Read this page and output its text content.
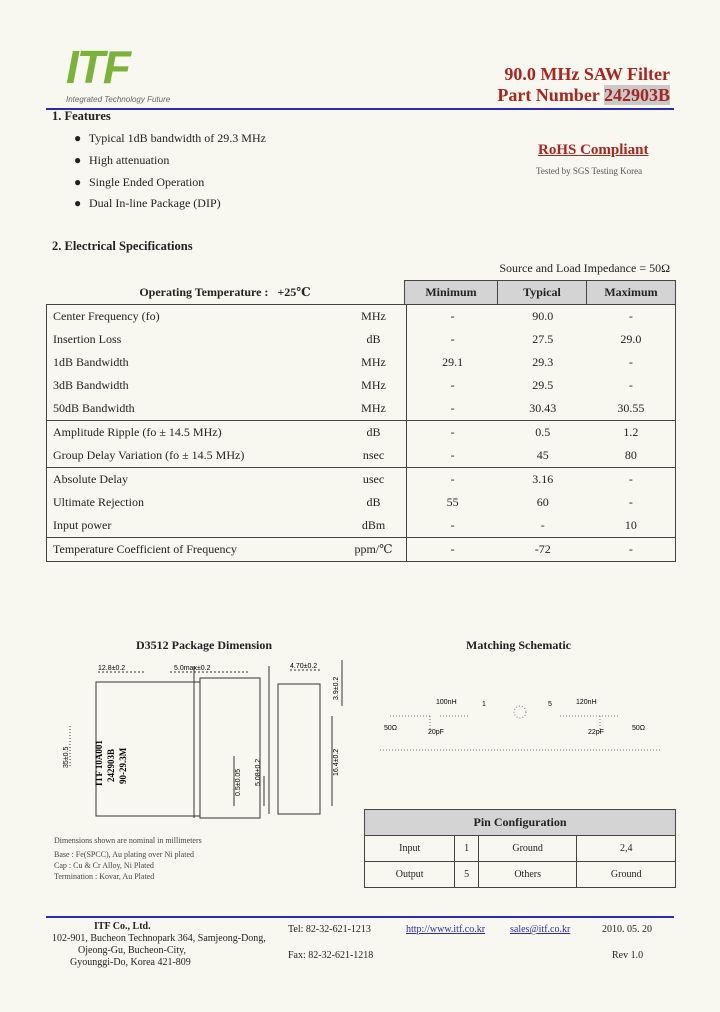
ITF
Integrated Technology Future
90.0 MHz SAW Filter
Part Number 242903B
1. Features
● Typical 1dB bandwidth of 29.3 MHz
● High attenuation
● Single Ended Operation
● Dual In-line Package (DIP)
RoHS Compliant
Tested by SGS Testing Korea
2. Electrical Specifications
Source and Load Impedance = 50Ω
Operating Temperature : +25℃		Minimum	Typical	Maximum
Center Frequency (fo)	MHz	-	90.0	-
Insertion Loss	dB	-	27.5	29.0
1dB Bandwidth	MHz	29.1	29.3	-
3dB Bandwidth	MHz	-	29.5	-
50dB Bandwidth	MHz	-	30.43	30.55
Amplitude Ripple (fo ± 14.5 MHz)	dB	-	0.5	1.2
Group Delay Variation (fo ± 14.5 MHz)	nsec	-	45	80
Absolute Delay	usec	-	3.16	-
Ultimate Rejection	dB	55	60	-
Input power	dBm	-	-	10
Temperature Coefficient of Frequency	ppm/℃	-	-72	-
D3512 Package Dimension
12.8±0.2	5.0max±0.2	4.70±0.2
3.9±0.2
16.4±0.2
35±0.5
0.5±0.05 5.08±0.2
ITF 10A001 242903B 90-29.3M
Dimensions shown are nominal in millimeters
Base : Fe(SPCC), Au plating over Ni plated
Cap : Cu & Cr Alloy, Ni Plated
Termination : Kovar, Au Plated
Matching Schematic
100nH	120nH
20pF	22pF
50Ω	50Ω
1	5
Pin Configuration			
Input	1	Ground	2,4
Output	5	Others	Ground
ITF Co., Ltd.
102-901, Bucheon Technopark 364, Samjeong-Dong,
Ojeong-Gu, Bucheon-City,
Gyounggi-Do, Korea 421-809
Tel: 82-32-621-1213
Fax: 82-32-621-1218
http://www.itf.co.kr sales@itf.co.kr	2010. 05. 20
Rev 1.0
